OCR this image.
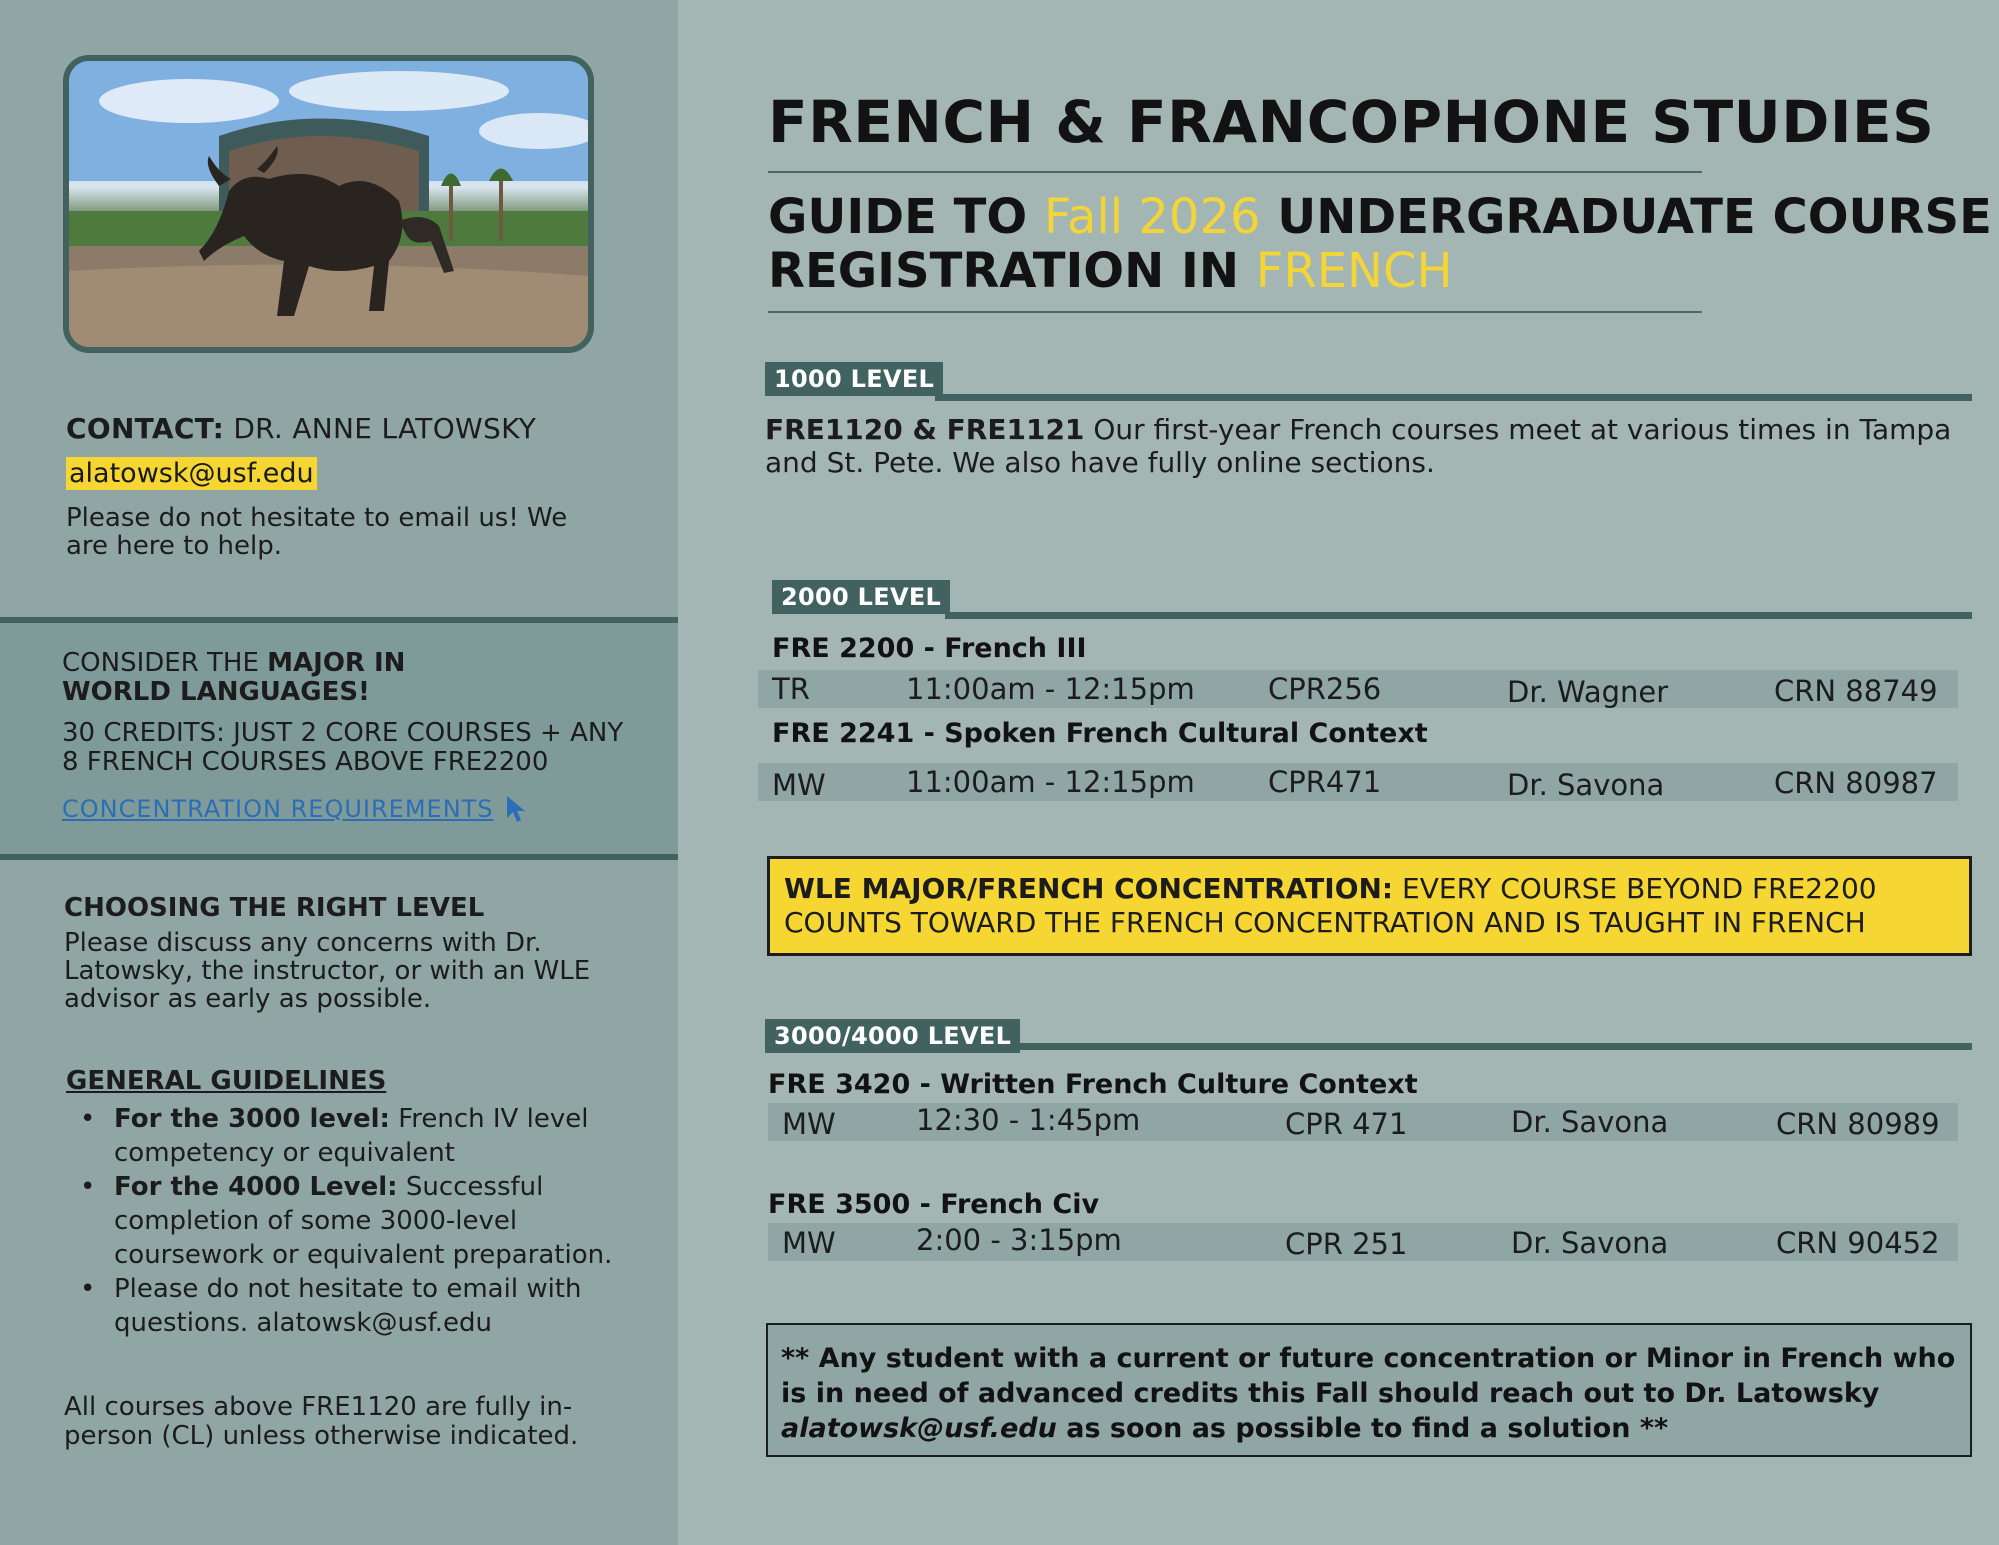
CONTACT: DR. ANNE LATOWSKY
alatowsk@usf.edu
Please do not hesitate to email us! We are here to help.
CONSIDER THE MAJOR IN WORLD LANGUAGES!
30 CREDITS: JUST 2 CORE COURSES + ANY 8 FRENCH COURSES ABOVE FRE2200
CONCENTRATION REQUIREMENTS
CHOOSING THE RIGHT LEVEL
Please discuss any concerns with Dr. Latowsky, the instructor, or with an WLE advisor as early as possible.
GENERAL GUIDELINES
• For the 3000 level: French IV level competency or equivalent
• For the 4000 Level: Successful completion of some 3000-level coursework or equivalent preparation.
• Please do not hesitate to email with questions. alatowsk@usf.edu
All courses above FRE1120 are fully in-person (CL) unless otherwise indicated.
FRENCH & FRANCOPHONE STUDIES
GUIDE TO Fall 2026 UNDERGRADUATE COURSE
REGISTRATION IN FRENCH
1000 LEVEL
FRE1120 & FRE1121 Our first-year French courses meet at various times in Tampa and St. Pete. We also have fully online sections.
2000 LEVEL
FRE 2200 - French III
TR	11:00am - 12:15pm	CPR256	Dr. Wagner	CRN 88749
FRE 2241 - Spoken French Cultural Context
MW	11:00am - 12:15pm	CPR471	Dr. Savona	CRN 80987
WLE MAJOR/FRENCH CONCENTRATION: EVERY COURSE BEYOND FRE2200 COUNTS TOWARD THE FRENCH CONCENTRATION AND IS TAUGHT IN FRENCH
3000/4000 LEVEL
FRE 3420 - Written French Culture Context
MW	12:30 - 1:45pm	CPR 471	Dr. Savona	CRN 80989
FRE 3500 - French Civ
MW	2:00 - 3:15pm	CPR 251	Dr. Savona	CRN 90452
** Any student with a current or future concentration or Minor in French who is in need of advanced credits this Fall should reach out to Dr. Latowsky alatowsk@usf.edu as soon as possible to find a solution **
